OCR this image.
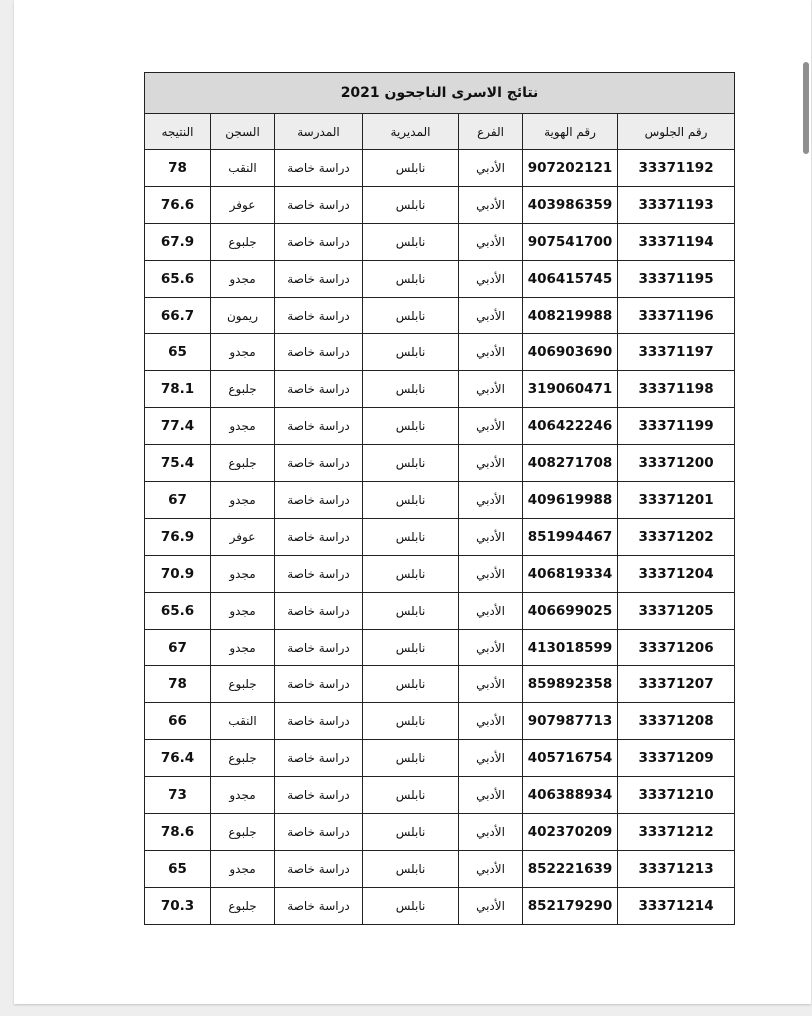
نتائج الاسرى الناجحون 2021						
رقم الجلوس	رقم الهوية	الفرع	المديرية	المدرسة	السجن	النتيجه
33371192	907202121	الأدبي	نابلس	دراسة خاصة	النقب	78
33371193	403986359	الأدبي	نابلس	دراسة خاصة	عوفر	76.6
33371194	907541700	الأدبي	نابلس	دراسة خاصة	جلبوع	67.9
33371195	406415745	الأدبي	نابلس	دراسة خاصة	مجدو	65.6
33371196	408219988	الأدبي	نابلس	دراسة خاصة	ريمون	66.7
33371197	406903690	الأدبي	نابلس	دراسة خاصة	مجدو	65
33371198	319060471	الأدبي	نابلس	دراسة خاصة	جلبوع	78.1
33371199	406422246	الأدبي	نابلس	دراسة خاصة	مجدو	77.4
33371200	408271708	الأدبي	نابلس	دراسة خاصة	جلبوع	75.4
33371201	409619988	الأدبي	نابلس	دراسة خاصة	مجدو	67
33371202	851994467	الأدبي	نابلس	دراسة خاصة	عوفر	76.9
33371204	406819334	الأدبي	نابلس	دراسة خاصة	مجدو	70.9
33371205	406699025	الأدبي	نابلس	دراسة خاصة	مجدو	65.6
33371206	413018599	الأدبي	نابلس	دراسة خاصة	مجدو	67
33371207	859892358	الأدبي	نابلس	دراسة خاصة	جلبوع	78
33371208	907987713	الأدبي	نابلس	دراسة خاصة	النقب	66
33371209	405716754	الأدبي	نابلس	دراسة خاصة	جلبوع	76.4
33371210	406388934	الأدبي	نابلس	دراسة خاصة	مجدو	73
33371212	402370209	الأدبي	نابلس	دراسة خاصة	جلبوع	78.6
33371213	852221639	الأدبي	نابلس	دراسة خاصة	مجدو	65
33371214	852179290	الأدبي	نابلس	دراسة خاصة	جلبوع	70.3
